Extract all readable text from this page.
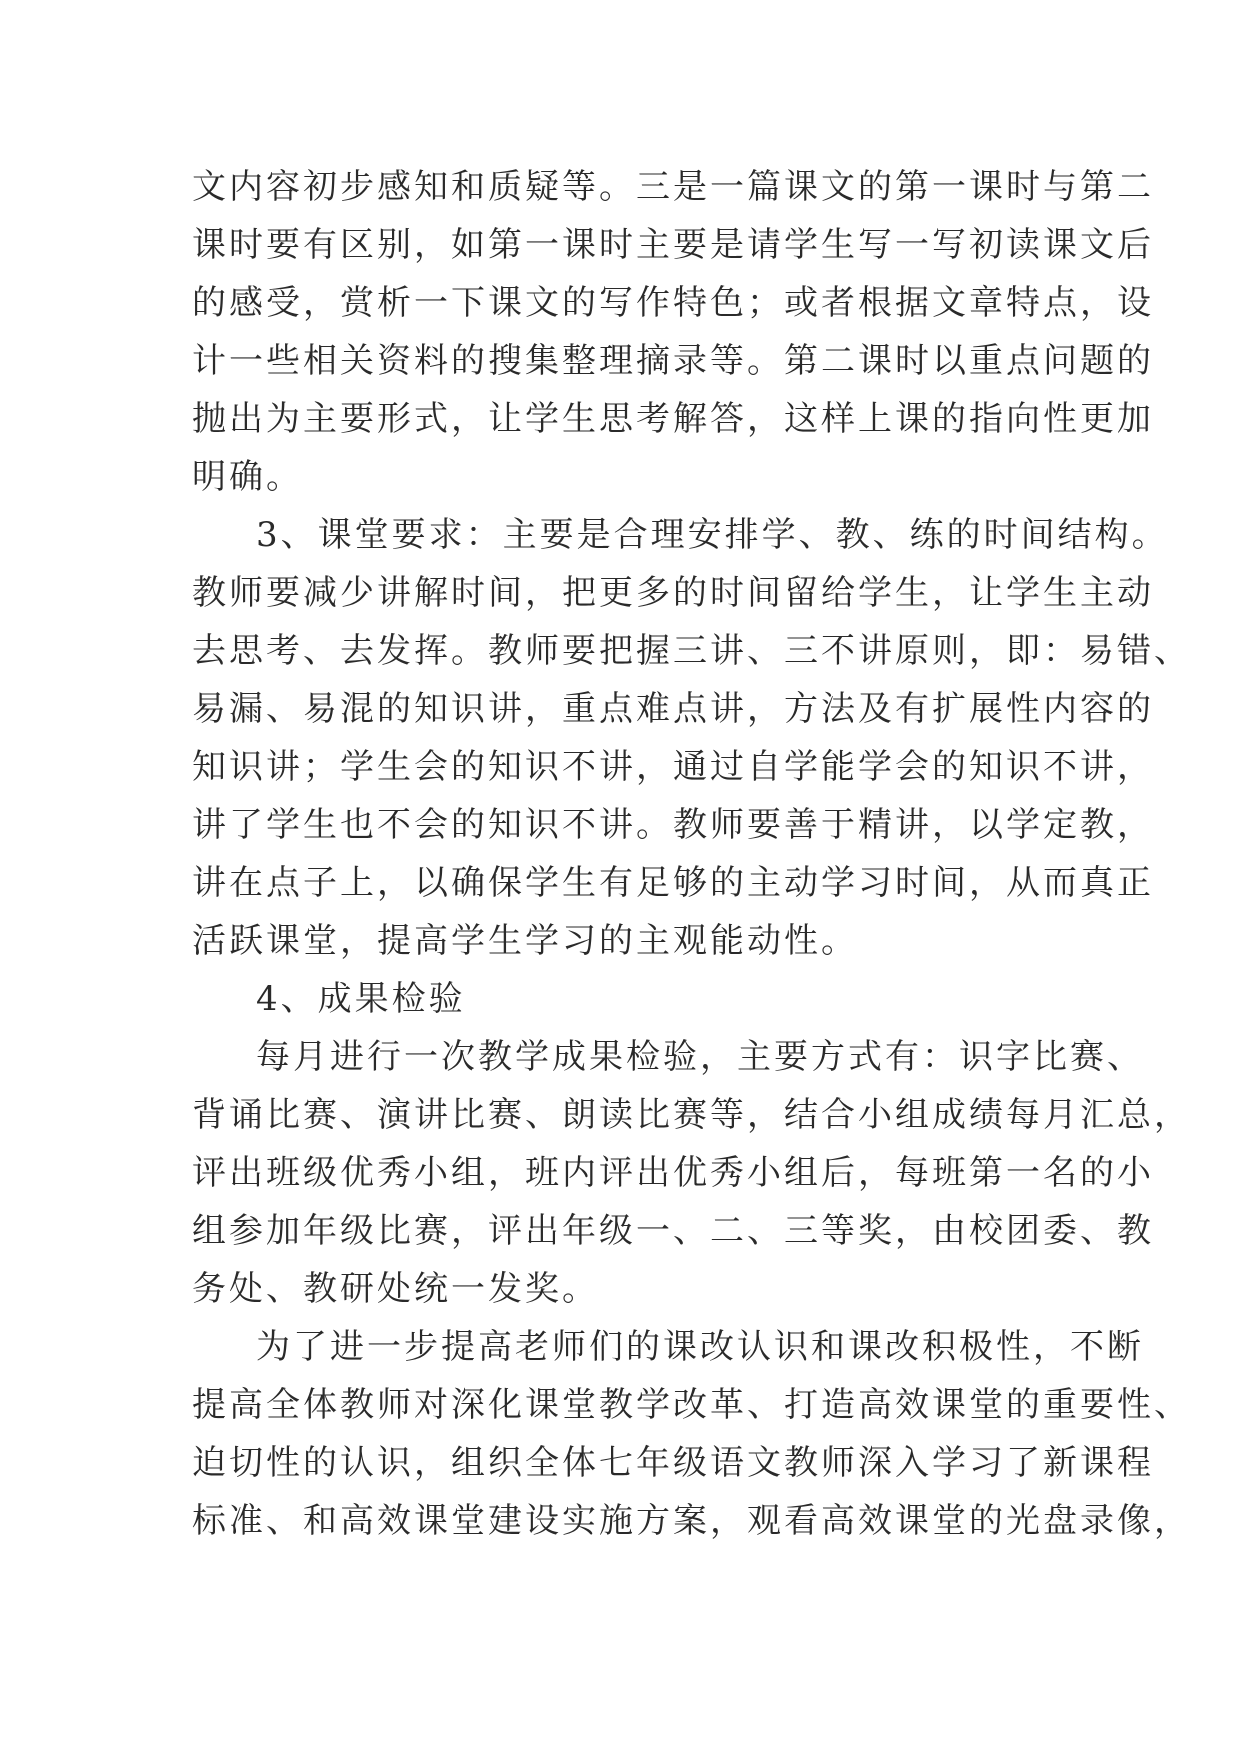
文内容初步感知和质疑等。三是一篇课文的第一课时与第二
课时要有区别，如第一课时主要是请学生写一写初读课文后
的感受，赏析一下课文的写作特色；或者根据文章特点，设
计一些相关资料的搜集整理摘录等。第二课时以重点问题的
抛出为主要形式，让学生思考解答，这样上课的指向性更加
明确。
3、课堂要求：主要是合理安排学、教、练的时间结构。
教师要减少讲解时间，把更多的时间留给学生，让学生主动
去思考、去发挥。教师要把握三讲、三不讲原则，即：易错、
易漏、易混的知识讲，重点难点讲，方法及有扩展性内容的
知识讲；学生会的知识不讲，通过自学能学会的知识不讲，
讲了学生也不会的知识不讲。教师要善于精讲，以学定教，
讲在点子上，以确保学生有足够的主动学习时间，从而真正
活跃课堂，提高学生学习的主观能动性。
4、成果检验
每月进行一次教学成果检验，主要方式有：识字比赛、
背诵比赛、演讲比赛、朗读比赛等，结合小组成绩每月汇总，
评出班级优秀小组，班内评出优秀小组后，每班第一名的小
组参加年级比赛，评出年级一、二、三等奖，由校团委、教
务处、教研处统一发奖。
为了进一步提高老师们的课改认识和课改积极性，不断
提高全体教师对深化课堂教学改革、打造高效课堂的重要性、
迫切性的认识，组织全体七年级语文教师深入学习了新课程
标准、和高效课堂建设实施方案，观看高效课堂的光盘录像，
